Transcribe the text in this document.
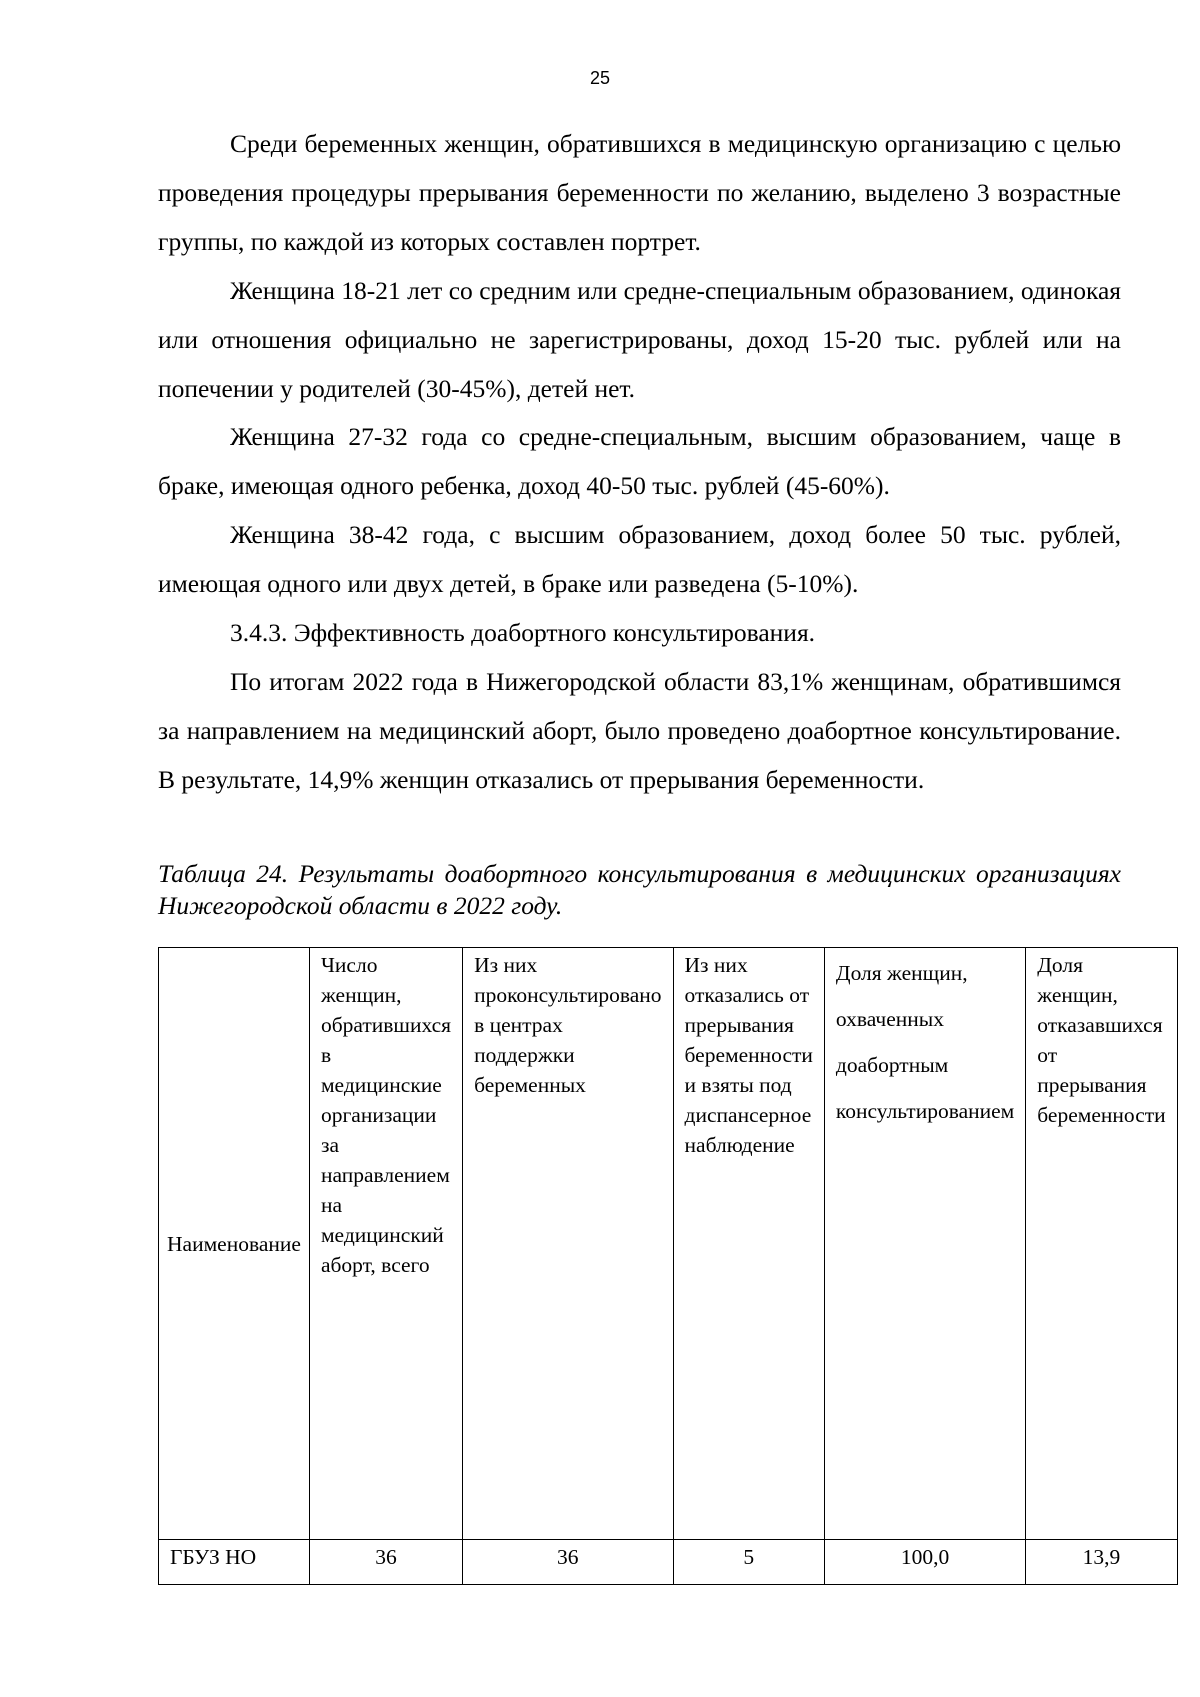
25

Среди беременных женщин, обратившихся в медицинскую организацию с целью проведения процедуры прерывания беременности по желанию, выделено 3 возрастные группы, по каждой из которых составлен портрет.

Женщина 18-21 лет со средним или средне-специальным образованием, одинокая или отношения официально не зарегистрированы, доход 15-20 тыс. рублей или на попечении у родителей (30-45%), детей нет.

Женщина 27-32 года со средне-специальным, высшим образованием, чаще в браке, имеющая одного ребенка, доход 40-50 тыс. рублей (45-60%).

Женщина 38-42 года, с высшим образованием, доход более 50 тыс. рублей, имеющая одного или двух детей, в браке или разведена (5-10%).

3.4.3. Эффективность доабортного консультирования.

По итогам 2022 года в Нижегородской области 83,1% женщинам, обратившимся за направлением на медицинский аборт, было проведено доабортное консультирование. В результате, 14,9% женщин отказались от прерывания беременности.

Таблица 24. Результаты доабортного консультирования в медицинских организациях Нижегородской области в 2022 году.

Наименование	Число женщин, обратившихся в медицинские организации за направлением на медицинский аборт, всего	Из них проконсультировано в центрах поддержки беременных	Из них отказались от прерывания беременности и взяты под диспансерное наблюдение	Доля женщин, охваченных доабортным консультированием	Доля женщин, отказавшихся от прерывания беременности

ГБУЗ НО	36	36	5	100,0	13,9
